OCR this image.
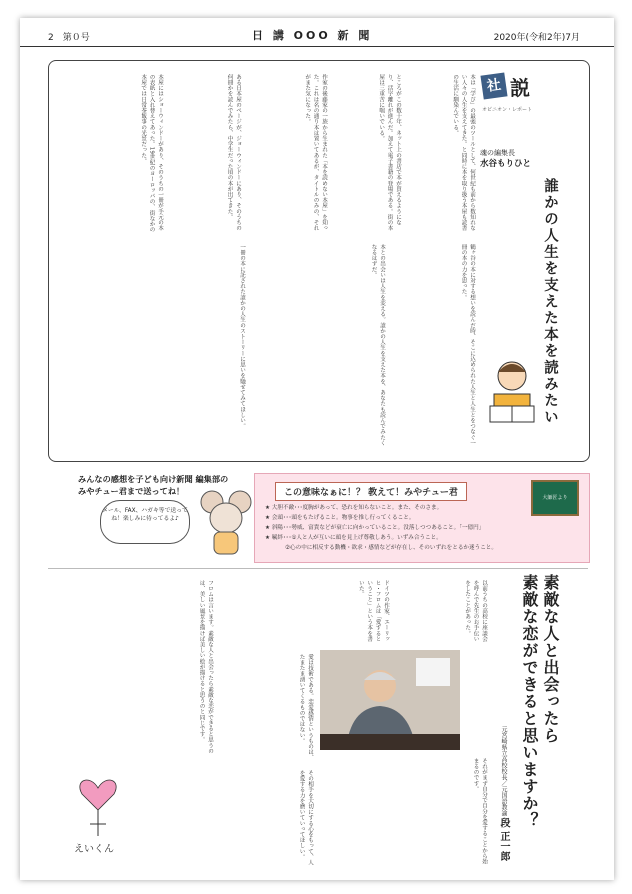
2　第０号	日 講 OOO 新 聞	2020年(令和2年)7月
社 説
オピニオン・レポート
魂の編集長
水谷もりひと
誰かの人生を支えた本を読みたい
本は「学び」の最強のツールとして、何世紀も前から数知れない人々の人生を支えてきた。と同時に本を取り扱う本屋も読書の生活に馴染んでいる。
ところがこの数十年、ネット上の書店で本が買えるようになり、活字離れが進んだ。加えて電子書籍の登場である。街の本屋は三重苦に喘いでいる。
作家の後藤家の一族から生まれた「本を読めない本屋」を知った。これは名の通り本は置いてあるが、タイトルのみの、それがまた気になった。
ある日本屋のページが、ジョーウィンドーにあり、そのうちの何冊かを読んでみたら、中学生だった頃の本が出てきた。
本屋にはショーウィンドーがあり、そのうちの一冊が手元の本の表紙と入れ替えてあった。19世紀のヨーロッパの、街なかの本屋では日常茶飯事の光景だった。
鶴ヶ谷の本に対する想いを読んだ時、そこに込められた人生と人生とをつなぐ一冊の本の力を思った。
本との出会いは人生を変える。誰かの人生を支えた本を、あなたも読んでみたくなるはずだ。
一冊の本に託された誰かの人生のストーリーに思いを馳せてみてほしい。
みんなの感想を子ども向け新聞 編集部の
みやチュー君まで送ってね！
メール、FAX、ハガキ等で送ってね！楽しみに待ってるよ♪
この意味なぁに！？ 教えて！みやチュー君	大師匠より
★ 大胆不敵･･･度胸があって、恐れを知らないこと。また、そのさま。
★ 会頭･･･頭をもたげること。物事を推し行ってくること。
★ 斜陽･･･勢威、富貴などが衰亡に向かっていること。没落しつつあること。「一億円」
★ 羈絆･･･①人と人が互いに頭を見上げ尊敬しあう。いずみ合うこと。
②心の中に相反する動機・欲求・感情などが存在し、そのいずれをとるか迷うこと。
素敵な人と出会ったら
素敵な恋ができると思いますか？
元宮崎県立高校校長／元国語教諭 段 正一郎
以前うちの高校に座談会を呼んで先生のお手伝いをしたことがあった。
ドイツの作家、エーリッヒ・フロムは「愛するということ」という本を書いた。
フロムは言います。素敵な人と出会ったら素敵な恋ができると思うのは、美しい風景を描けば美しい絵が描けると思うのと同じです。	愛は技術である。恋愛感情というものは、たまたま湧いてくるものではない。
それがまず自分で自分を愛することから始まるのです。
その相手を大切にする心をもって、人を愛する力を磨いていってほしい。
えいくん
